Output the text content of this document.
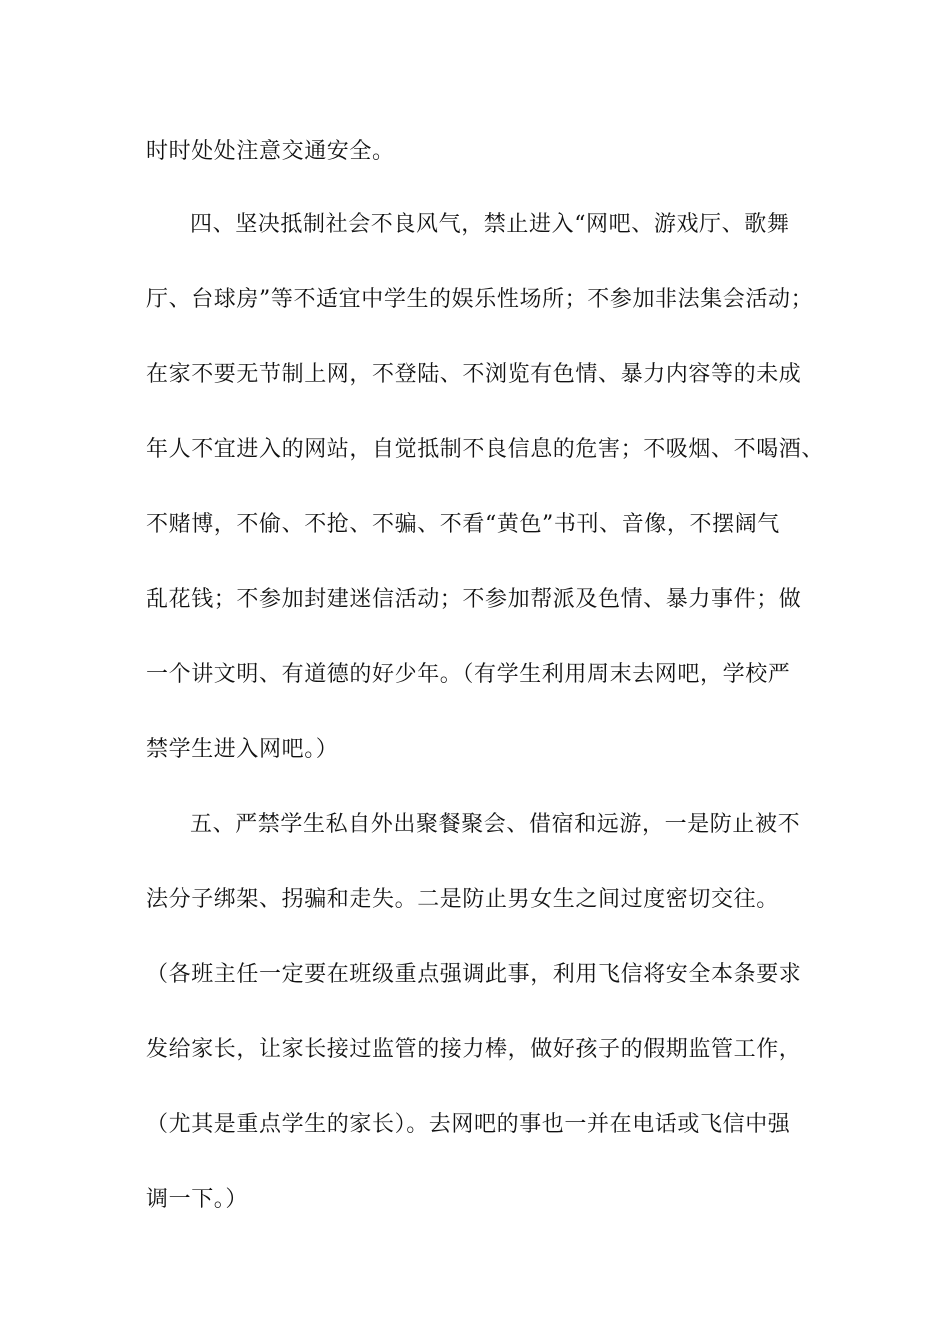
时时处处注意交通安全。
四、坚决抵制社会不良风气，禁止进入“网吧、游戏厅、歌舞
厅、台球房”等不适宜中学生的娱乐性场所；不参加非法集会活动；
在家不要无节制上网，不登陆、不浏览有色情、暴力内容等的未成
年人不宜进入的网站，自觉抵制不良信息的危害；不吸烟、不喝酒、
不赌博，不偷、不抢、不骗、不看“黄色”书刊、音像，不摆阔气
乱花钱；不参加封建迷信活动；不参加帮派及色情、暴力事件；做
一个讲文明、有道德的好少年。（有学生利用周末去网吧，学校严
禁学生进入网吧。）
五、严禁学生私自外出聚餐聚会、借宿和远游，一是防止被不
法分子绑架、拐骗和走失。二是防止男女生之间过度密切交往。
（各班主任一定要在班级重点强调此事，利用飞信将安全本条要求
发给家长，让家长接过监管的接力棒，做好孩子的假期监管工作，
（尤其是重点学生的家长）。去网吧的事也一并在电话或飞信中强
调一下。）
